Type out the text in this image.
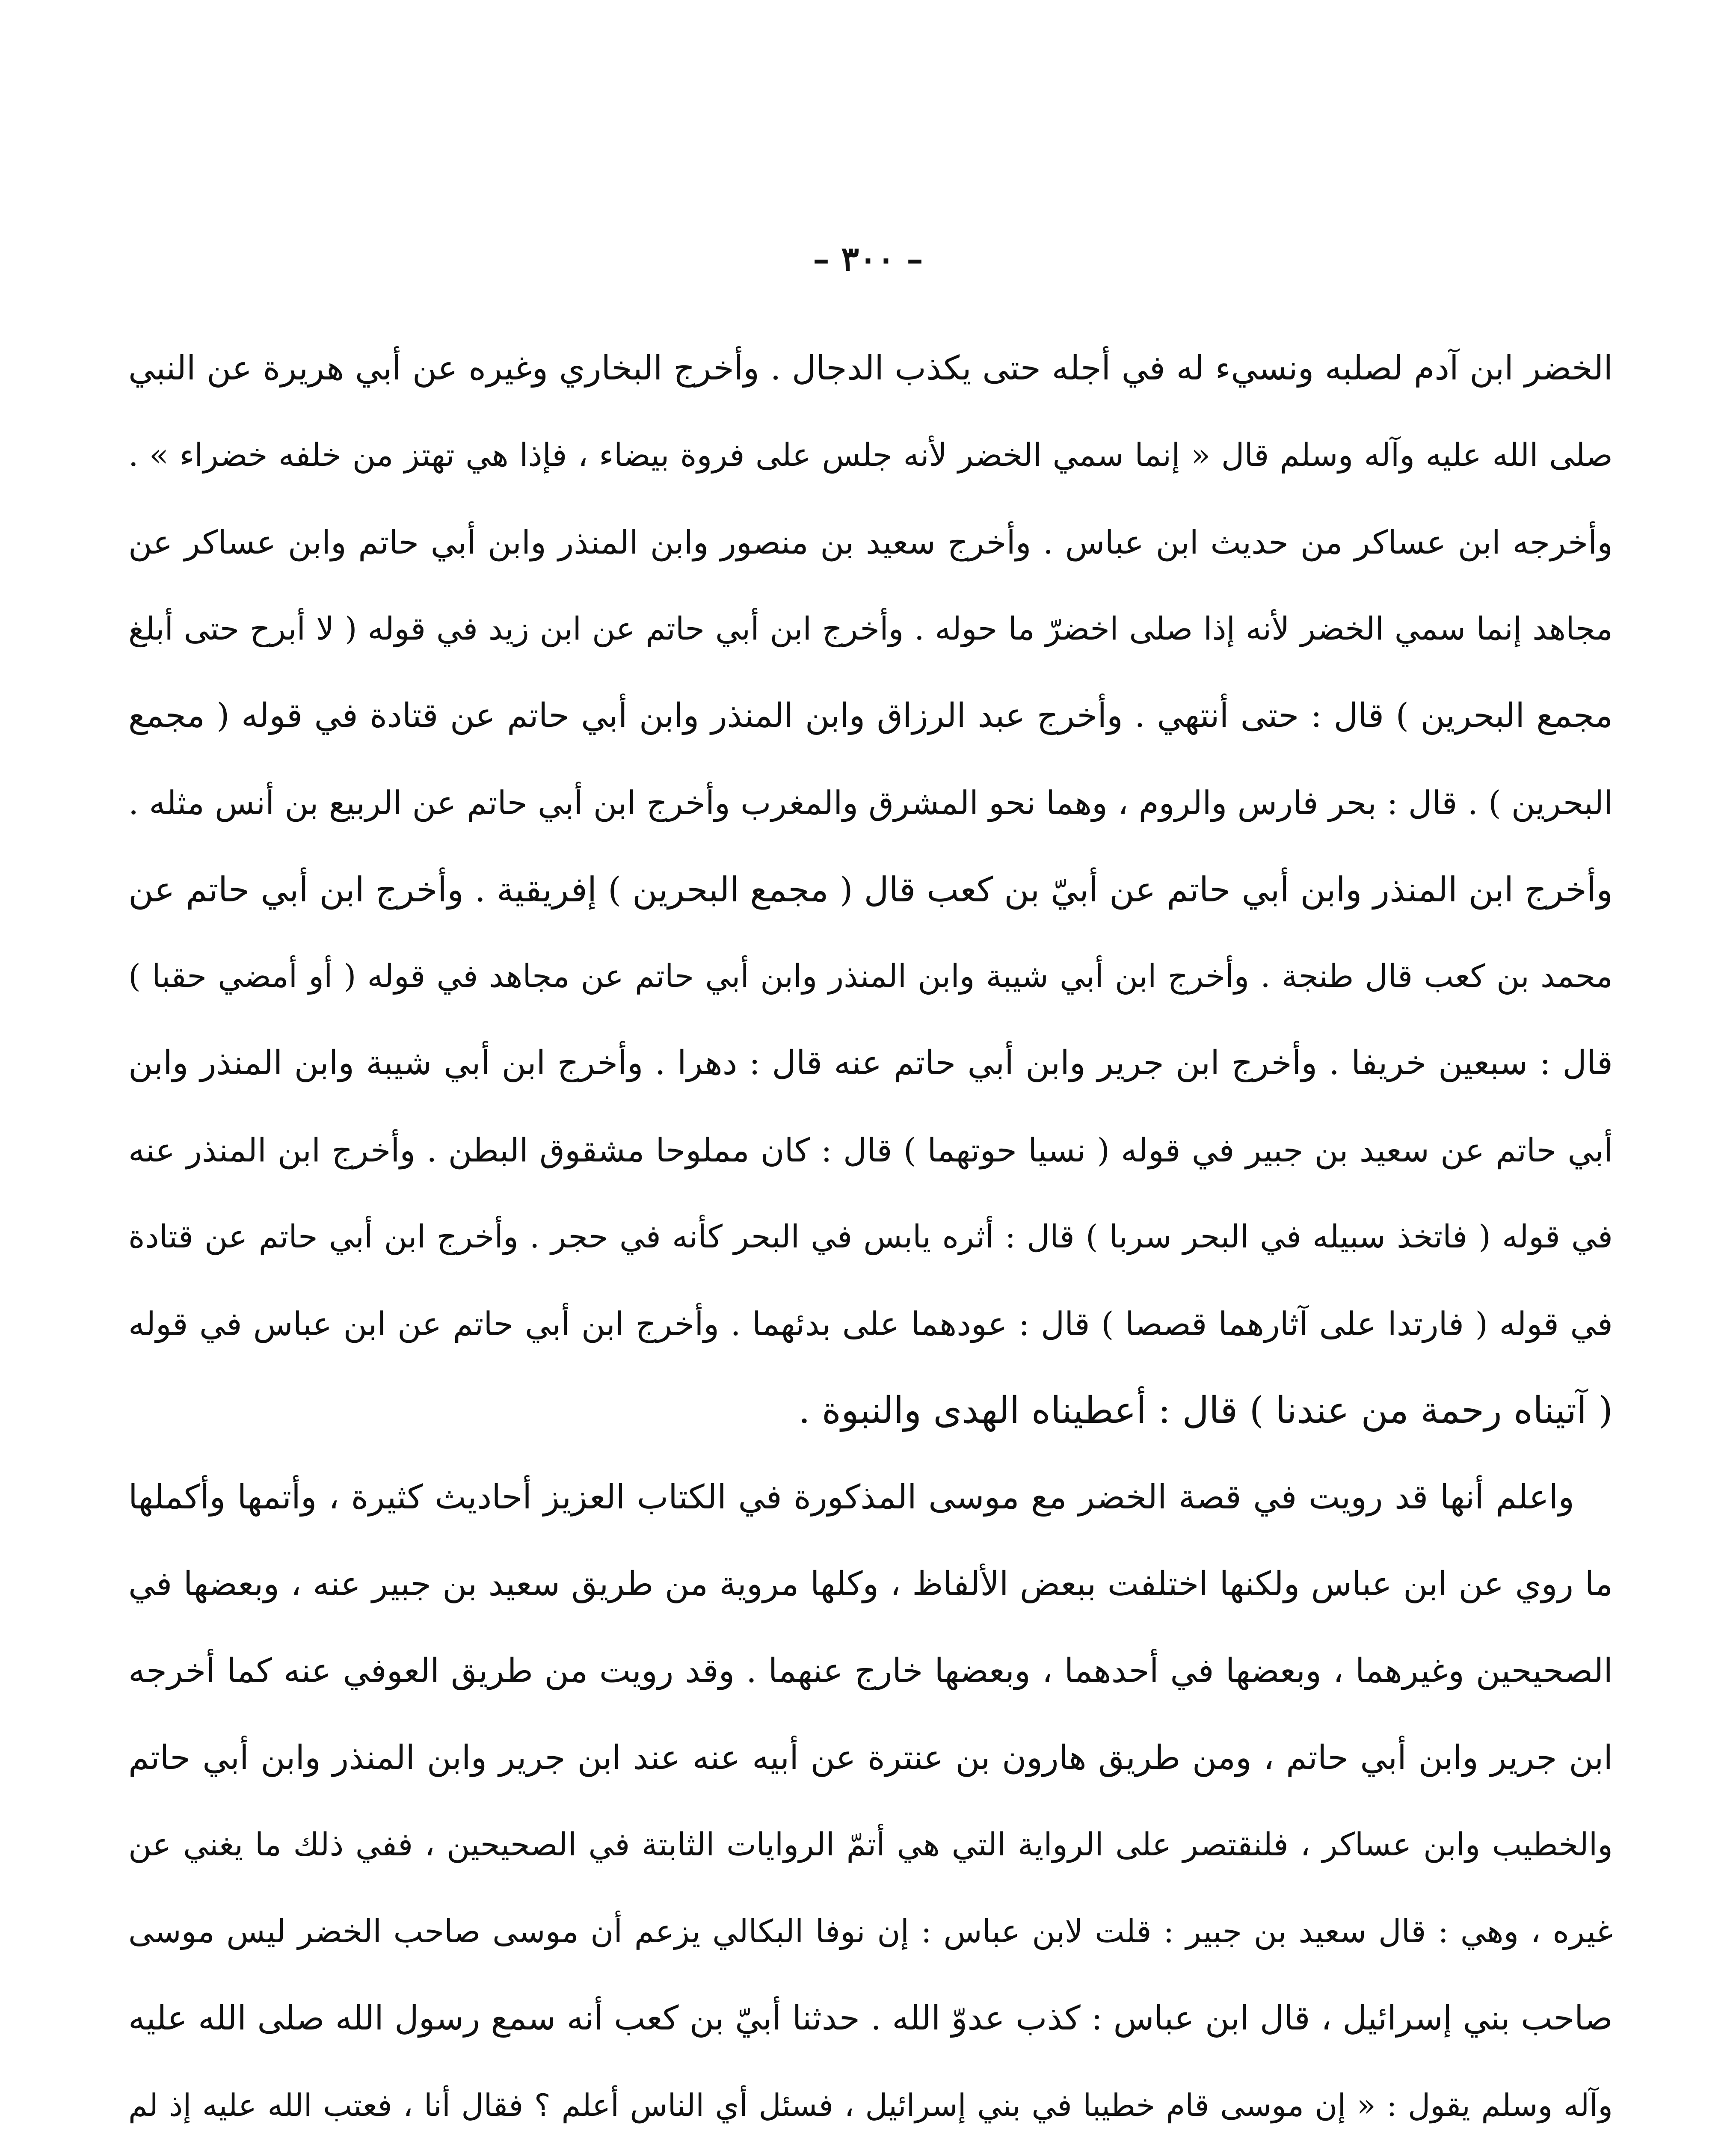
– ٣٠٠ –
الخضر ابن آدم لصلبه ونسيء له في أجله حتى يكذب الدجال . وأخرج البخاري وغيره عن أبي هريرة عن النبي
صلى الله عليه وآله وسلم قال « إنما سمي الخضر لأنه جلس على فروة بيضاء ، فإذا هي تهتز من خلفه خضراء » .
وأخرجه ابن عساكر من حديث ابن عباس . وأخرج سعيد بن منصور وابن المنذر وابن أبي حاتم وابن عساكر عن
مجاهد إنما سمي الخضر لأنه إذا صلى اخضرّ ما حوله . وأخرج ابن أبي حاتم عن ابن زيد في قوله ( لا أبرح حتى أبلغ
مجمع البحرين ) قال : حتى أنتهي . وأخرج عبد الرزاق وابن المنذر وابن أبي حاتم عن قتادة في قوله ( مجمع
البحرين ) . قال : بحر فارس والروم ، وهما نحو المشرق والمغرب وأخرج ابن أبي حاتم عن الربيع بن أنس مثله .
وأخرج ابن المنذر وابن أبي حاتم عن أبيّ بن كعب قال ( مجمع البحرين ) إفريقية . وأخرج ابن أبي حاتم عن
محمد بن كعب قال طنجة . وأخرج ابن أبي شيبة وابن المنذر وابن أبي حاتم عن مجاهد في قوله ( أو أمضي حقبا )
قال : سبعين خريفا . وأخرج ابن جرير وابن أبي حاتم عنه قال : دهرا . وأخرج ابن أبي شيبة وابن المنذر وابن
أبي حاتم عن سعيد بن جبير في قوله ( نسيا حوتهما ) قال : كان مملوحا مشقوق البطن . وأخرج ابن المنذر عنه
في قوله ( فاتخذ سبيله في البحر سربا ) قال : أثره يابس في البحر كأنه في حجر . وأخرج ابن أبي حاتم عن قتادة
في قوله ( فارتدا على آثارهما قصصا ) قال : عودهما على بدئهما . وأخرج ابن أبي حاتم عن ابن عباس في قوله
( آتيناه رحمة من عندنا ) قال : أعطيناه الهدى والنبوة .
واعلم أنها قد رويت في قصة الخضر مع موسى المذكورة في الكتاب العزيز أحاديث كثيرة ، وأتمها وأكملها
ما روي عن ابن عباس ولكنها اختلفت ببعض الألفاظ ، وكلها مروية من طريق سعيد بن جبير عنه ، وبعضها في
الصحيحين وغيرهما ، وبعضها في أحدهما ، وبعضها خارج عنهما . وقد رويت من طريق العوفي عنه كما أخرجه
ابن جرير وابن أبي حاتم ، ومن طريق هارون بن عنترة عن أبيه عنه عند ابن جرير وابن المنذر وابن أبي حاتم
والخطيب وابن عساكر ، فلنقتصر على الرواية التي هي أتمّ الروايات الثابتة في الصحيحين ، ففي ذلك ما يغني عن
غيره ، وهي : قال سعيد بن جبير : قلت لابن عباس : إن نوفا البكالي يزعم أن موسى صاحب الخضر ليس موسى
صاحب بني إسرائيل ، قال ابن عباس : كذب عدوّ الله . حدثنا أبيّ بن كعب أنه سمع رسول الله صلى الله عليه
وآله وسلم يقول : « إن موسى قام خطيبا في بني إسرائيل ، فسئل أي الناس أعلم ؟ فقال أنا ، فعتب الله عليه إذ لم
